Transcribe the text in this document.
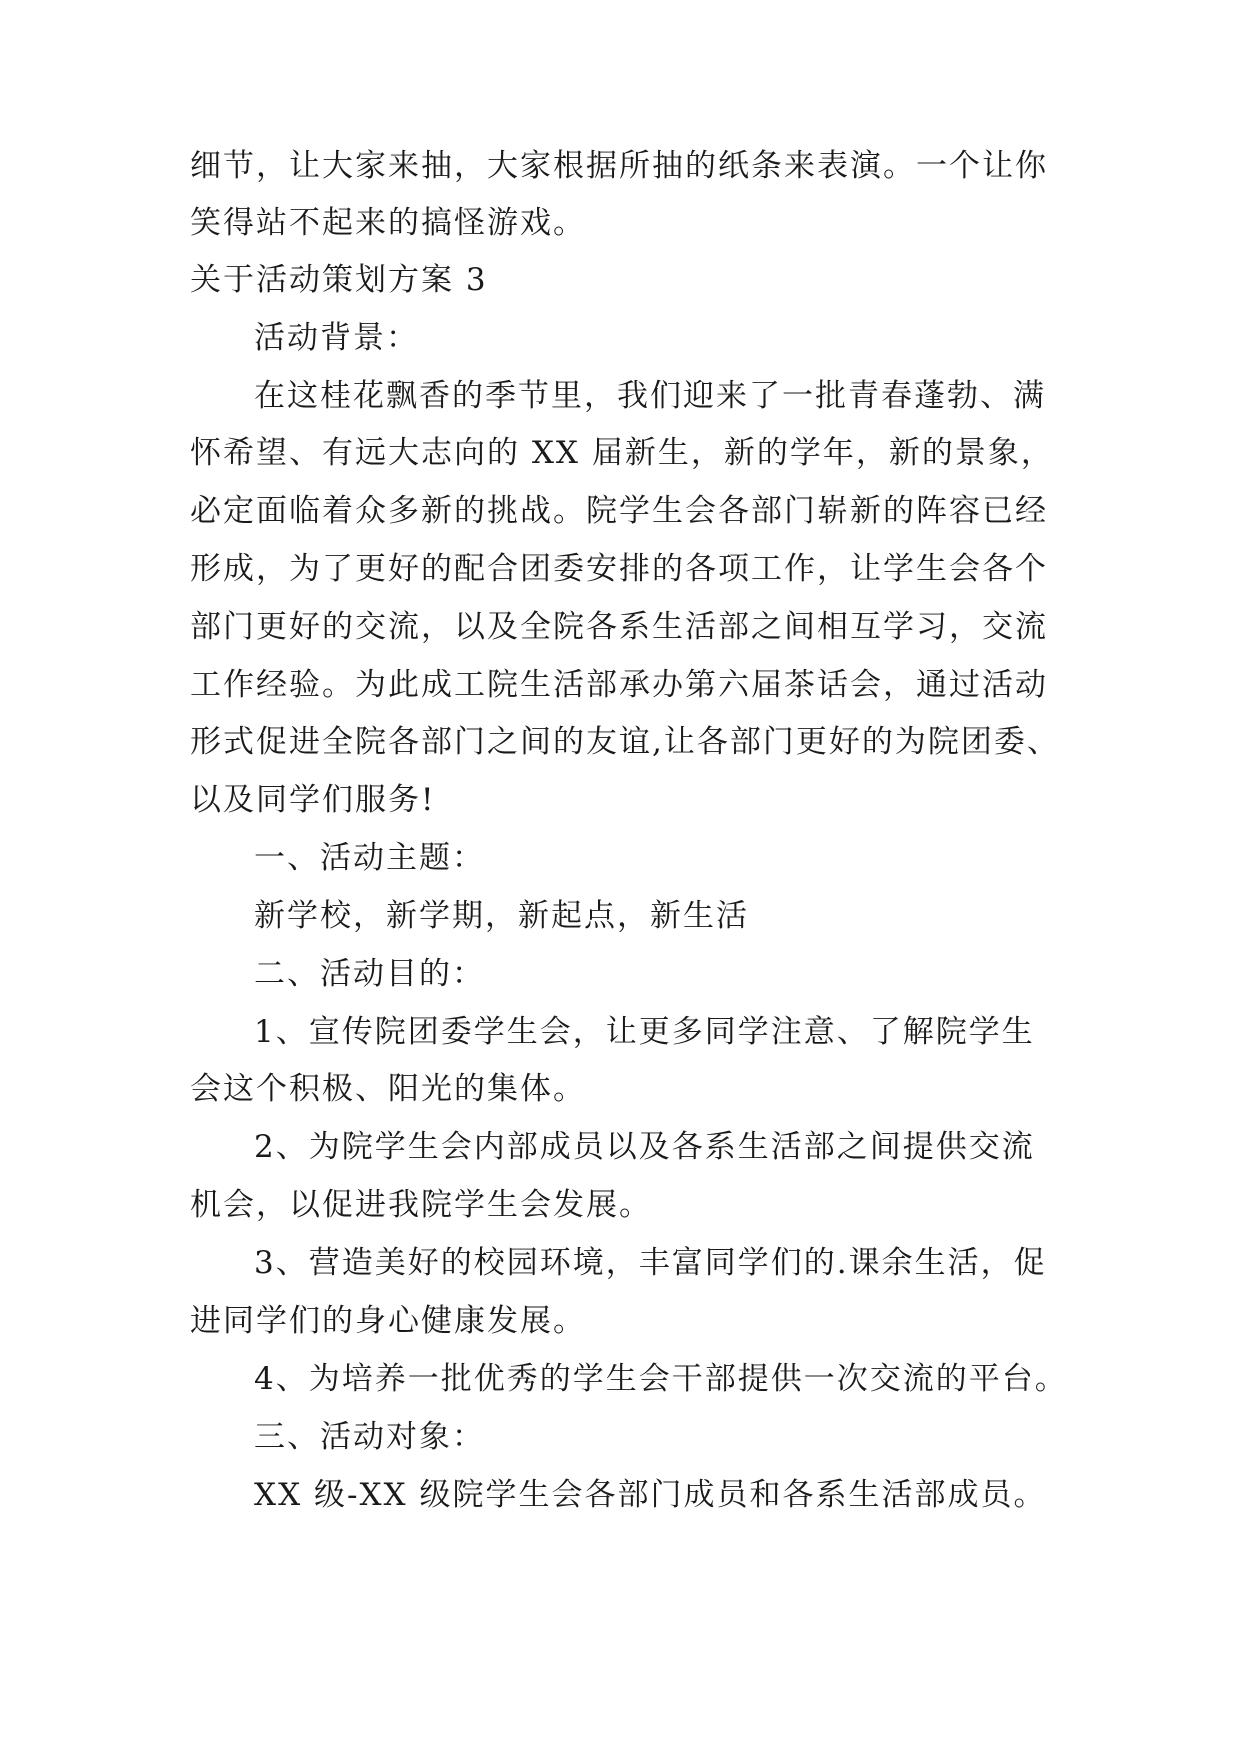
细节，让大家来抽，大家根据所抽的纸条来表演。一个让你
笑得站不起来的搞怪游戏。
关于活动策划方案 3
活动背景：
在这桂花飘香的季节里，我们迎来了一批青春蓬勃、满
怀希望、有远大志向的 XX 届新生，新的学年，新的景象，
必定面临着众多新的挑战。院学生会各部门崭新的阵容已经
形成，为了更好的配合团委安排的各项工作，让学生会各个
部门更好的交流，以及全院各系生活部之间相互学习，交流
工作经验。为此成工院生活部承办第六届茶话会，通过活动
形式促进全院各部门之间的友谊,让各部门更好的为院团委、
以及同学们服务!
一、活动主题：
新学校，新学期，新起点，新生活
二、活动目的：
1、宣传院团委学生会，让更多同学注意、了解院学生
会这个积极、阳光的集体。
2、为院学生会内部成员以及各系生活部之间提供交流
机会，以促进我院学生会发展。
3、营造美好的校园环境，丰富同学们的.课余生活，促
进同学们的身心健康发展。
4、为培养一批优秀的学生会干部提供一次交流的平台。
三、活动对象：
XX 级-XX 级院学生会各部门成员和各系生活部成员。
